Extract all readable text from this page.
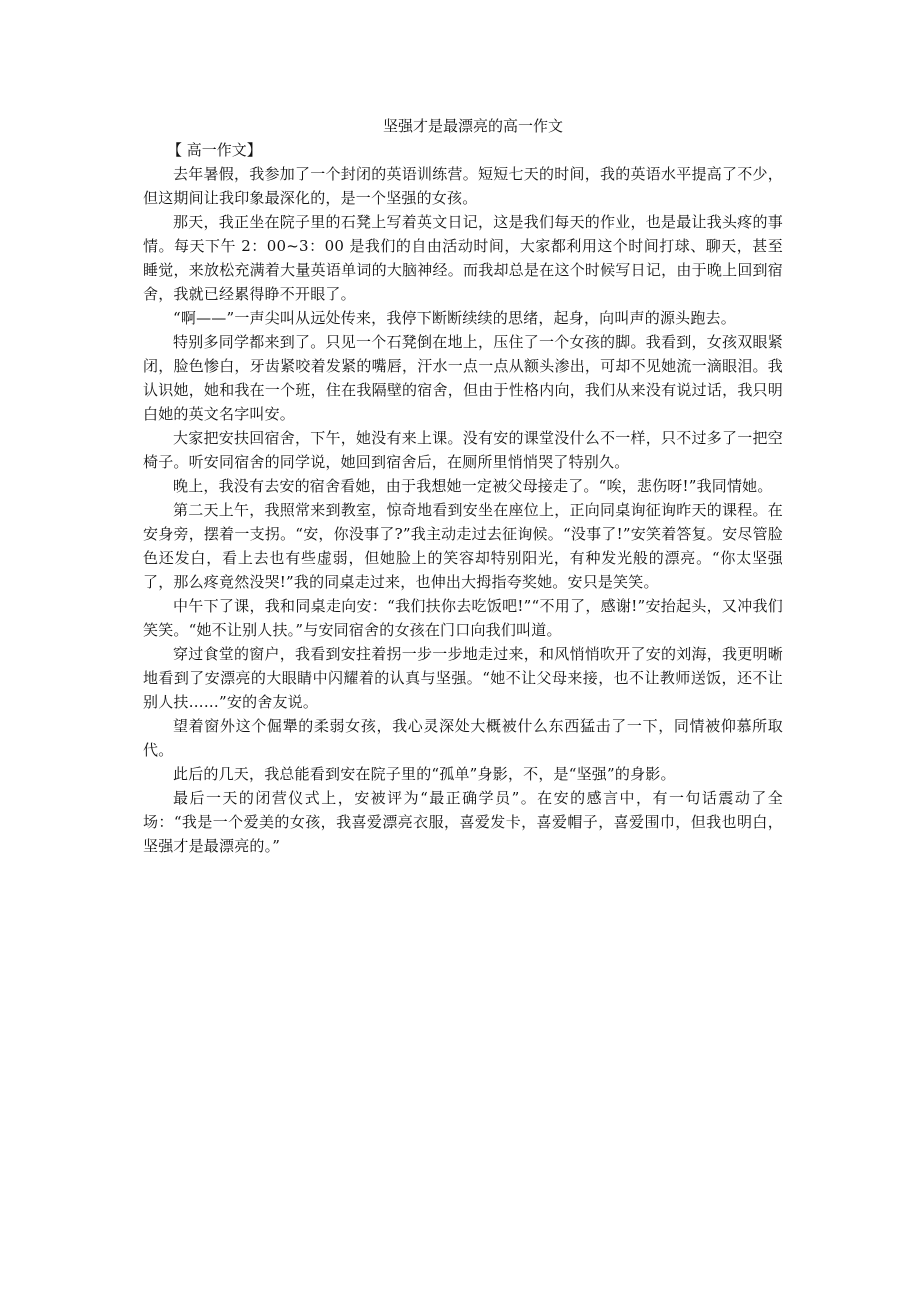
坚强才是最漂亮的高一作文
【 高一作文】

去年暑假，我参加了一个封闭的英语训练营。短短七天的时间，我的英语水平提高了不少，但这期间让我印象最深化的，是一个坚强的女孩。

那天，我正坐在院子里的石凳上写着英文日记，这是我们每天的作业，也是最让我头疼的事情。每天下午 2：00~3：00 是我们的自由活动时间，大家都利用这个时间打球、聊天，甚至睡觉，来放松充满着大量英语单词的大脑神经。而我却总是在这个时候写日记，由于晚上回到宿舍，我就已经累得睁不开眼了。

“啊——”一声尖叫从远处传来，我停下断断续续的思绪，起身，向叫声的源头跑去。

特别多同学都来到了。只见一个石凳倒在地上，压住了一个女孩的脚。我看到，女孩双眼紧闭，脸色惨白，牙齿紧咬着发紧的嘴唇，汗水一点一点从额头渗出，可却不见她流一滴眼泪。我认识她，她和我在一个班，住在我隔壁的宿舍，但由于性格内向，我们从来没有说过话，我只明白她的英文名字叫安。

大家把安扶回宿舍，下午，她没有来上课。没有安的课堂没什么不一样，只不过多了一把空椅子。听安同宿舍的同学说，她回到宿舍后，在厕所里悄悄哭了特别久。

晚上，我没有去安的宿舍看她，由于我想她一定被父母接走了。“唉，悲伤呀!”我同情她。

第二天上午，我照常来到教室，惊奇地看到安坐在座位上，正向同桌询征询昨天的课程。在安身旁，摆着一支拐。“安，你没事了?”我主动走过去征询候。“没事了!”安笑着答复。安尽管脸色还发白，看上去也有些虚弱，但她脸上的笑容却特别阳光，有种发光般的漂亮。“你太坚强了，那么疼竟然没哭!”我的同桌走过来，也伸出大拇指夸奖她。安只是笑笑。

中午下了课，我和同桌走向安：“我们扶你去吃饭吧!”“不用了，感谢!”安抬起头，又冲我们笑笑。“她不让别人扶。”与安同宿舍的女孩在门口向我们叫道。

穿过食堂的窗户，我看到安拄着拐一步一步地走过来，和风悄悄吹开了安的刘海，我更明晰地看到了安漂亮的大眼睛中闪耀着的认真与坚强。“她不让父母来接，也不让教师送饭，还不让别人扶……”安的舍友说。

望着窗外这个倔犟的柔弱女孩，我心灵深处大概被什么东西猛击了一下，同情被仰慕所取代。

此后的几天，我总能看到安在院子里的“孤单”身影，不，是“坚强”的身影。

最后一天的闭营仪式上，安被评为“最正确学员”。在安的感言中，有一句话震动了全场：“我是一个爱美的女孩，我喜爱漂亮衣服，喜爱发卡，喜爱帽子，喜爱围巾，但我也明白，坚强才是最漂亮的。”
